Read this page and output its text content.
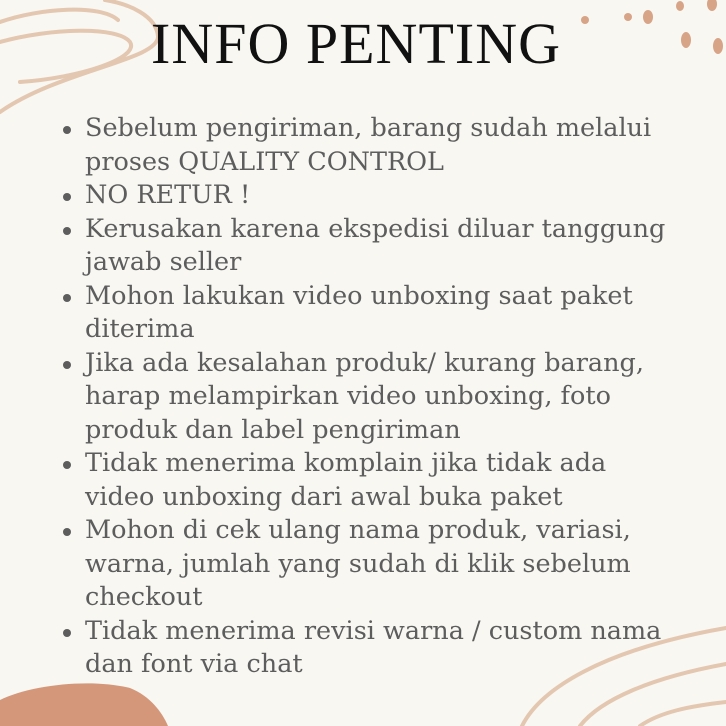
INFO PENTING
Sebelum pengiriman, barang sudah melalui
proses QUALITY CONTROL
NO RETUR !
Kerusakan karena ekspedisi diluar tanggung
jawab seller
Mohon lakukan video unboxing saat paket
diterima
Jika ada kesalahan produk/ kurang barang,
harap melampirkan video unboxing, foto
produk dan label pengiriman
Tidak menerima komplain jika tidak ada
video unboxing dari awal buka paket
Mohon di cek ulang nama produk, variasi,
warna, jumlah yang sudah di klik sebelum
checkout
Tidak menerima revisi warna / custom nama
dan font via chat
